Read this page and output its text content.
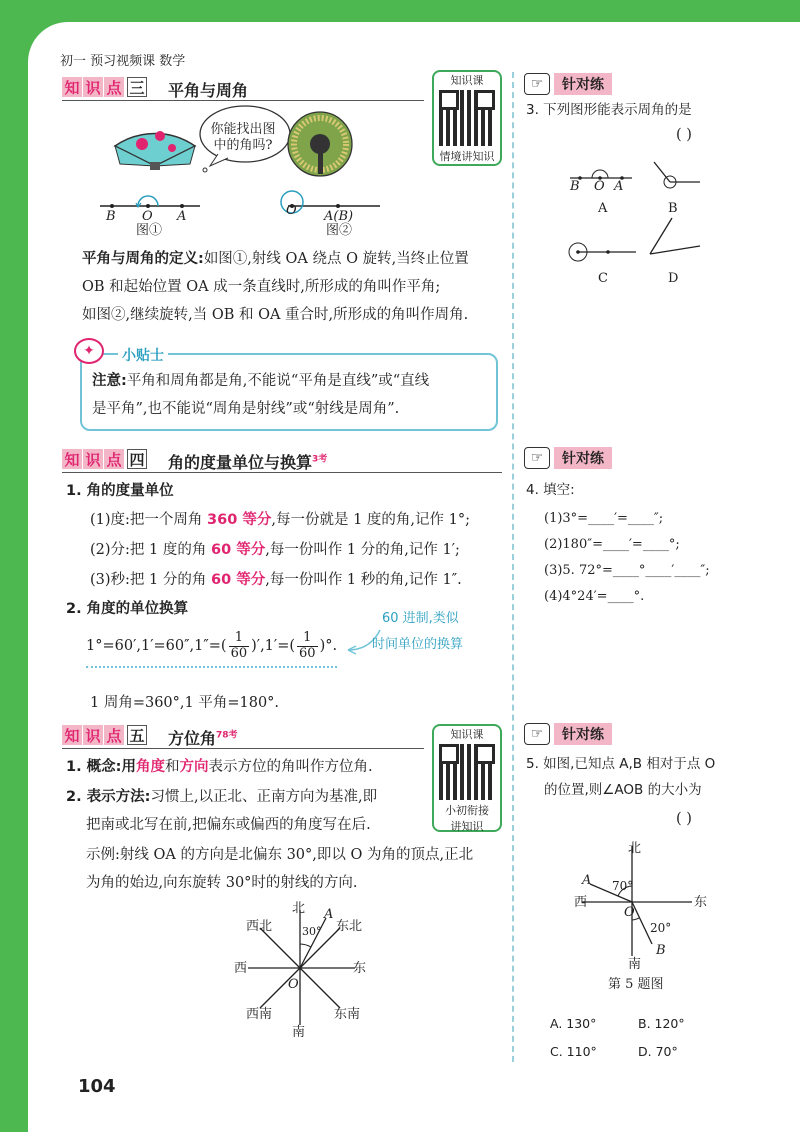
初一 预习视频课 数学
知 识 点 三 平角与周角
知识课
情境讲知识
你能找出图中的角吗?
B O A
图①
O A(B)
图②
平角与周角的定义:如图①,射线 OA 绕点 O 旋转,当终止位置
OB 和起始位置 OA 成一条直线时,所形成的角叫作平角;
如图②,继续旋转,当 OB 和 OA 重合时,所形成的角叫作周角.
✦	小贴士
注意:平角和周角都是角,不能说“平角是直线”或“直线
是平角”,也不能说“周角是射线”或“射线是周角”.
知 识 点 四 角的度量单位与换算$^{3考}$
1. 角的度量单位
(1)度:把一个周角 360 等分,每一份就是 1 度的角,记作 1°;
(2)分:把 1 度的角 60 等分,每一份叫作 1 分的角,记作 1′;
(3)秒:把 1 分的角 60 等分,每一份叫作 1 秒的角,记作 1″.
2. 角度的单位换算
$1^\circ=60',1'=60'',1''=( \frac{1}{60} )',1'=( \frac{1}{60}$ )°.
60 进制,类似
时间单位的换算
1 周角=360°,1 平角=180°.
知 识 点 五 方位角$^{78考}$	知识课
小初衔接
讲知识
1. 概念:用角度和方向表示方位的角叫作方位角.
2. 表示方法:习惯上,以正北、正南方向为基准,即
把南或北写在前,把偏东或偏西的角度写在后.
示例:射线 OA 的方向是北偏东 30°,即以 O 为角的顶点,正北
为角的始边,向东旋转 30°时的射线的方向.
北
南
东
西
东北
西北
东南
西南
A
O
30°
☞	针对练
3. 下列图形能表示周角的是
( )
B O A
A	B
C	D
☞	针对练
4. 填空:
(1)3°=____′=____″;
(2)180″=____′=____°;
(3)5. 72°=____°____′____″;
(4)4°24′=____°.
☞	针对练
5. 如图,已知点 A,B 相对于点 O
的位置,则∠AOB 的大小为
( )
北
南
东
西
A
B
O
70°
20°
第 5 题图
A. 130°	B. 120°
C. 110°	D. 70°
104
